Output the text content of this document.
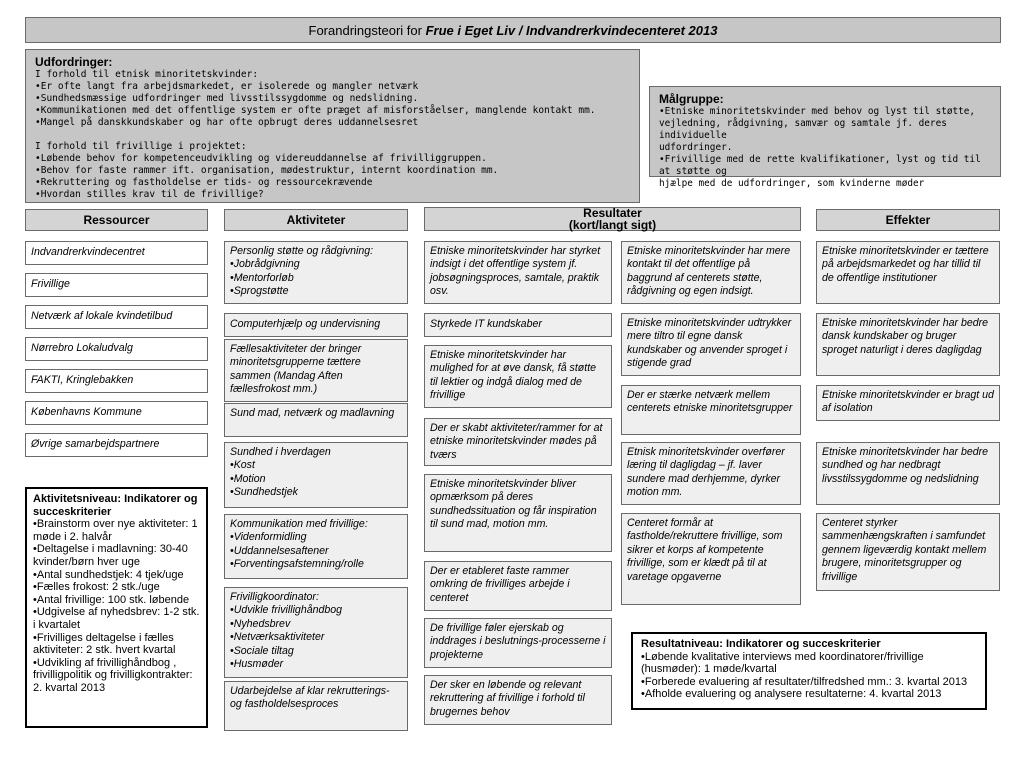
Forandringsteori for Frue i Eget Liv / Indvandrerkvindecenteret 2013
Udfordringer:
I forhold til etnisk minoritetskvinder:
•Er ofte langt fra arbejdsmarkedet, er isolerede og mangler netværk
•Sundhedsmæssige udfordringer med livsstilssygdomme og nedslidning.
•Kommunikationen med det offentlige system er ofte præget af misforståelser, manglende kontakt mm.
•Mangel på danskkundskaber og har ofte opbrugt deres uddannelsesret
I forhold til frivillige i projektet:
•Løbende behov for kompetenceudvikling og videreuddannelse af frivilliggruppen.
•Behov for faste rammer ift. organisation, mødestruktur, internt koordination mm.
•Rekruttering og fastholdelse er tids- og ressourcekrævende
•Hvordan stilles krav til de frivillige?
Målgruppe:
•Etniske minoritetskvinder med behov og lyst til støtte,
vejledning, rådgivning, samvær og samtale jf. deres individuelle
udfordringer.
•Frivillige med de rette kvalifikationer, lyst og tid til at støtte og
hjælpe med de udfordringer, som kvinderne møder
Ressourcer	Aktiviteter	Resultater
(kort/langt sigt)	Effekter
Indvandrerkvindecentret
Frivillige
Netværk af lokale kvindetilbud
Nørrebro Lokaludvalg
FAKTI, Kringlebakken
Københavns Kommune
Øvrige samarbejdspartnere
Personlig støtte og rådgivning:
•Jobrådgivning
•Mentorforløb
•Sprogstøtte
Computerhjælp og undervisning
Fællesaktiviteter der bringer minoritetsgrupperne tættere sammen (Mandag Aften fællesfrokost mm.)
Sund mad, netværk og madlavning
Sundhed i hverdagen
•Kost
•Motion
•Sundhedstjek
Kommunikation med frivillige:
•Videnformidling
•Uddannelsesaftener
•Forventingsafstemning/rolle
Frivilligkoordinator:
•Udvikle frivillighåndbog
•Nyhedsbrev
•Netværksaktiviteter
•Sociale tiltag
•Husmøder
Udarbejdelse af klar rekrutterings- og fastholdelsesproces
Etniske minoritetskvinder har styrket indsigt i det offentlige system jf. jobsøgningsproces, samtale, praktik osv.
Styrkede IT kundskaber
Etniske minoritetskvinder har mulighed for at øve dansk, få støtte til lektier og indgå dialog med de frivillige
Der er skabt aktiviteter/rammer for at etniske minoritetskvinder mødes på tværs
Etniske minoritetskvinder bliver opmærksom på deres sundhedssituation og får inspiration til sund mad, motion mm.
Der er etableret faste rammer omkring de frivilliges arbejde i centeret
De frivillige føler ejerskab og inddrages i beslutnings-processerne i projekterne
Der sker en løbende og relevant rekruttering af frivillige i forhold til brugernes behov
Etniske minoritetskvinder har mere kontakt til det offentlige på baggrund af centerets støtte, rådgivning og egen indsigt.
Etniske minoritetskvinder udtrykker mere tiltro til egne dansk kundskaber og anvender sproget i stigende grad
Der er stærke netværk mellem centerets etniske minoritetsgrupper
Etnisk minoritetskvinder overfører læring til dagligdag – jf. laver sundere mad derhjemme, dyrker motion mm.
Centeret formår at fastholde/rekruttere frivillige, som sikrer et korps af kompetente frivillige, som er klædt på til at varetage opgaverne
Etniske minoritetskvinder er tættere på arbejdsmarkedet og har tillid til de offentlige institutioner
Etniske minoritetskvinder har bedre dansk kundskaber og bruger sproget naturligt i deres dagligdag
Etniske minoritetskvinder er bragt ud af isolation
Etniske minoritetskvinder har bedre sundhed og har nedbragt livsstilssygdomme og nedslidning
Centeret styrker sammenhængskraften i samfundet gennem ligeværdig kontakt mellem brugere, minoritetsgrupper og frivillige
Aktivitetsniveau: Indikatorer og succeskriterier
•Brainstorm over nye aktiviteter: 1 møde i 2. halvår
•Deltagelse i madlavning: 30-40 kvinder/børn hver uge
•Antal sundhedstjek: 4 tjek/uge
•Fælles frokost: 2 stk./uge
•Antal frivillige: 100 stk. løbende
•Udgivelse af nyhedsbrev: 1-2 stk. i kvartalet
•Frivilliges deltagelse i fælles aktiviteter: 2 stk. hvert kvartal
•Udvikling af frivillighåndbog , frivilligpolitik og frivilligkontrakter: 2. kvartal 2013
Resultatniveau: Indikatorer og succeskriterier
•Løbende kvalitative interviews med koordinatorer/frivillige (husmøder): 1 møde/kvartal
•Forberede evaluering af resultater/tilfredshed mm.: 3. kvartal 2013
•Afholde evaluering og analysere resultaterne: 4. kvartal 2013
